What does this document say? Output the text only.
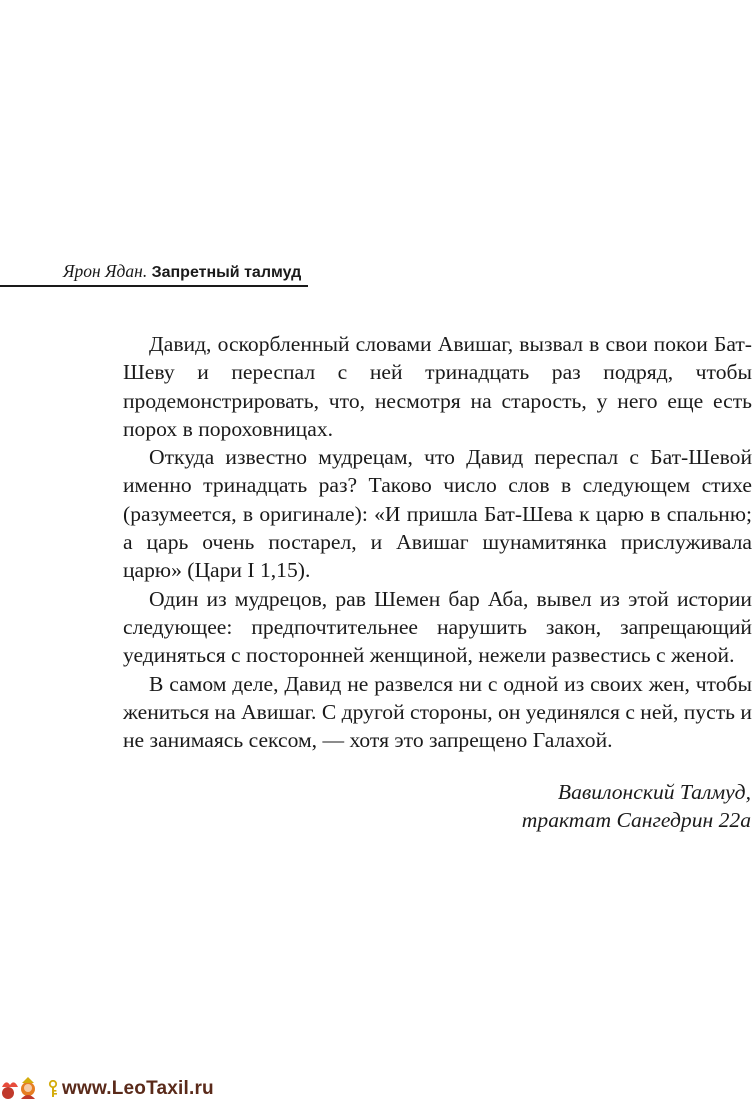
Ярон Ядан. Запретный талмуд

Давид, оскорбленный словами Авишаг, вызвал в свои покои Бат-Шеву и переспал с ней тринадцать раз подряд, чтобы продемонстрировать, что, несмотря на старость, у него еще есть порох в пороховницах.

Откуда известно мудрецам, что Давид переспал с Бат-Шевой именно тринадцать раз? Таково число слов в следующем стихе (разумеется, в оригинале): «И пришла Бат-Шева к царю в спальню; а царь очень постарел, и Авишаг шунамитянка прислуживала царю» (Цари I 1,15).

Один из мудрецов, рав Шемен бар Аба, вывел из этой истории следующее: предпочтительнее нарушить закон, запрещающий уединяться с посторонней женщиной, нежели развестись с женой.

В самом деле, Давид не развелся ни с одной из своих жен, чтобы жениться на Авишаг. С другой стороны, он уединялся с ней, пусть и не занимаясь сексом, — хотя это запрещено Галахой.

Вавилонский Талмуд,
трактат Сангедрин 22а
www.LeoTaxil.ru
